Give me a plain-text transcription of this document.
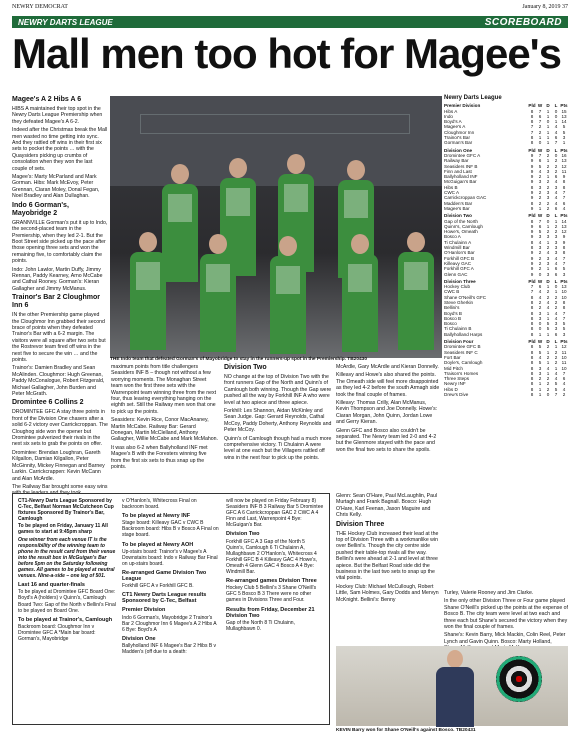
NEWRY DEMOCRAT	January 8, 2019 37
NEWRY DARTS LEAGUE	SCOREBOARD
Mall men too hot for Magee's
Magee's A 2 Hibs A 6

HIBS A maintained their top spot in the Newry Darts League Premiership when they defeated Magee's A 6-2.

Indeed after the Christmas break the Mall men wasted no time getting into sync. And they rattled off wins in their first six sets to pocket the points … with the Quaysiders picking up crumbs of consolation when they won the last couple of sets.

Magee's: Marty McParland and Mark Gorman. Hibs: Mark McEvoy, Peter Grennan, Ciaran Moley, Donal Fegan, Noel Bradley and Alan Dullaghan.

Indo 6 Gorman's, Mayobridge 2

GRANNVILLE Gorman's put it up to Indo, the second-placed team in the Premiership, when they led 2-1. But the Boot Street side picked up the pace after those opening three sets and won the remaining five, to comfortably claim the points.

Indo: John Lawlor, Martin Duffy, Jimmy Rennan, Paddy Kearney, Arno McCabe and Cathal Rooney. Gorman's: Kieran Gallagher and Jimmy McManus.

Trainor's Bar 2 Cloughmor Inn 6

IN the other Premiership game played the Cloughmor Inn grabbed their second brace of points when they defeated Trainor's Bar with a 6-2 margin. The visitors were all square after two sets but the Rostrevor team fired off wins in the next five to secure the win … and the points.

Trainor's: Damien Bradley and Sean McAlinden. Cloughmor: Hugh Greenan, Paddy McConalogue, Robert Fitzgerald, Michael Gallagher, John Burden and Peter McGrath.

Dromintee 6 Collins 2

DROMINTEE GFC A stay three points in front of the Division One chasers after a solid 6-2 victory over Carrickcroppan. The Cloughog side won the opener but Dromintee pulverized their rivals in the next six sets to grab the points on offer.

Dromintee: Brendan Loughran, Gareth Kilgallon, Damian Kilgallon, Peter McGinnity, Mickey Finnegan and Barney Larkin. Carrickcrappen: Kevin McCann and Alan McArdle.

The Railway Bar brought some easy wins with the leaders and they took

THE Indo team that defeated Gorman's of Mayobridge to stay in the runners-up spot in the Premiership. TB20430

maximum points from title challengers Seasiders INF B – though not without a few worrying moments. The Monaghan Street team won the first three sets with the Warrenpoint team winning three from the next four, thus leaving everything hanging on the eighth set. Still the Railway men won that one to pick up the points.

Seasiders: Kevin Rice, Conor MacAnaney, Martin McCabe. Railway Bar: Gerard Donegan, Martin McClelland, Anthony Gallagher, Willie McCabe and Mark McMahon.

It was also 6-2 when Ballyholland INF met Magee's B with the Foresters winning five from the first six sets to thus snap up the points.

Division Two

NO change at the top of Division Two with the front runners Gap of the North and Quinn's of Camlough both winning. Though the Gap were pushed all the way by Forkhill INF A who were level at two apiece and three apiece.

Forkhill: Les Shannon, Aidan McKinley and Sean Judge. Gap: Gerard Reynolds, Cathal McCoy, Paddy Doherty, Anthony Reynolds and Peter McCoy.

Quinn's of Camlough though had a much more comprehensive victory. Ti Chulainn A were level at one each but the Villagers rattled off wins in the next four to pick up the points.

McArdle, Gary McArdle and Kieran Donnelly.

Killeavy and Howe's also shared the points. The Omeath side will feel more disappointed as they led 4-2 before the south Armagh side took the final couple of frames.

Killeavy: Thomas Crilly, Alan McManus, Kevin Thompson and Joe Donnelly. Howe's: Ciaran Morgan, John Quinn, Jordan Lowe and Gerry Kieran.

Glenn GFC and Bosco also couldn't be separated. The Newry team led 2-0 and 4-2 but the Glenmore stayed with the pace and won the final two sets to share the spoils.

CT1-Newry Darts League Sponsored by C-Tec, Belfast Norman McCutcheon Cup fixtures Sponsored By Trainor's Bar, Camlough

To be played on Friday, January 11 All games to start at 9:45pm sharp

One winner from each venue IT is the responsibility of the winning team to phone in the result card from their venue into the result box in McGuigan's Bar before 5pm on the Saturday following games. All games to be played at neutral venues. Nine-a-side – one leg of 501.

Last 16 and quarter-finals

To be played at Dromintee GFC Board One: Boyd's A (holders) v Quinn's, Camlough Board Two: Gap of the North v Bellini's Final to be played on Board One.

To be played at Trainor's, Camlough

Backroom board: Cloughmor Inn v Dromintee GFC A *Main bar board: Gorman's, Mayobridge

v O'Hanlon's, Whitecross Final on backroom board.

To be played at Newry INF

Stage board: Killeavy GAC v CWC B Backroom board: Hibs B v Bosco A Final on stage board.

To be played at Newry AOH

Up-stairs board: Trainor's v Magee's A Downstairs board: Indo v Railway Bar Final on up-stairs board.

Re-arranged Game Division Two League

Forkhill GFC A v Forkhill GFC B.

CT1 Newry Darts League results Sponsored by C-Tec, Belfast
Premier Division

Indo 6 Gorman's, Mayobridge 2 Trainor's Bar 2 Cloughmor Inn 6 Magee's A 2 Hibs A 6 Bye: Boyd's A

Division One

Ballyholland INF 6 Magee's Bar 2 Hibs B v Madden's (off due to a death:

will now be played on Friday February 8) Seasiders INF B 3 Railway Bar 5 Dromintee GFC A 6 Carrickcroppan GAC 2 CWC A 4 Finn and Last, Warrenpoint 4 Bye: McGuigan's Bar.

Division Two

Forkhill GFC A 3 Gap of the North 5 Quinn's, Camlough 6 Ti Chulainn A, Mullaghbawn 2 O'Hanlon's, Whitecross 4 Forkhill GFC B 4 Killeavy GAC 4 Howe's, Omeath 4 Glenn GAC 4 Bosco A 4 Bye: Windmill Bar.

Re-arranged games Division Three

Hockey Club 5 Bellini's 3 Shane O'Neill's GFC 5 Bosco B 3 There were no other games in Divisions Three and Four.

Results from Friday, December 21 Division Two

Gap of the North 8 Ti Chulainn, Mullaghbawn 0.

Glenn: Sean O'Hare, Paul McLaughlin, Paul Murtagh and Frank Bagnall. Bosco: Hugh O'Hare, Karl Feenan, Jason Maguire and Chris Kelly.

Division Three

THE Hockey Club increased their lead at the top of Division Three with a workmanlike win over Bellini's. Though the city centre side pushed their table-top rivals all the way. Bellini's were ahead at 2-1 and level at three apiece. But the Belfast Road side did the business in the last two sets to snap up the vital points.

Hockey Club: Michael McCullough, Robert Little, Sam Holmes, Gary Dodds and Mervyn McKnight. Bellini's: Benny

Newry Darts League
Premier Division	Pld	W	D	L	Pts
Hibs A	8	7	1	0	15
Indo	8	6	1	0	13
Boyd's A	8	7	0	1	14
Magee's A	7	2	1	4	5
Cloughmor Inn	7	2	1	4	5
Trainor's Bar	8	1	1	6	3
Gorman's Bar	8	0	1	7	1
Division One	Pld	W	D	L	Pts
Dromintee GFC A	9	7	2	0	16
Railway Bar	9	6	1	2	13
Seasiders INF B	9	5	2	2	12
Finn and Last	9	4	3	2	11
Ballyholland INF	9	2	1	6	9
McGuigan's Bar	9	3	2	4	8
Hibs B	8	3	2	3	8
CWC A	9	2	3	4	7
Carrickcroppan GAC	9	2	3	4	7
Madden's Bar	8	2	2	4	6
Magee's Bar	9	1	2	6	4
Division Two	Pld	W	D	L	Pts
Gap of the North	8	7	0	1	14
Quinn's, Camlough	9	6	1	2	13
Howe's, Omeath	9	5	2	2	12
Bosco A	9	3	3	3	9
Ti Chulainn A	8	4	1	3	9
Windmill Bar	8	3	2	3	8
O'Hanlon's Bar	9	2	4	3	8
Forkhill GFC B	9	2	3	4	7
Killeavy GAC	9	2	3	4	7
Forkhill GFC A	9	2	1	6	5
Glenn GAC	9	0	3	6	3
Division Three	Pld	W	D	L	Pts
Hockey Club	7	6	1	0	13
CWC B	7	4	2	1	10
Shane O'Neill's GFC	8	4	2	2	10
Steve Gherkin	8	2	4	2	8
Bellini's	8	2	4	2	8
Boyd's B	8	3	1	4	7
Bosco B	8	3	1	4	7
Bosco	8	0	5	3	5
Ti Chulainn B	8	0	5	3	5
Ballyholland Harps	8	1	1	6	3
Division Four	Pld	W	D	L	Pts
Dromintee GFC B	8	5	2	1	12
Seasiders INF C	8	5	1	2	11
Fort Bar	8	4	2	2	10
Doyle's, Camlough	8	5	1	2	11
Mid Pitch	8	3	4	1	10
Traison's Homes	8	3	1	4	7
Three Steps	8	2	2	4	6
Newry INF	8	1	2	5	4
Hibs D	8	1	2	5	4
Drew's Dive	8	1	0	7	2

Turley, Valerie Rooney and Jim Clarke.

In the only other Division Three or Four game played Shane O'Neill's picked up the points at the expense of Bosco B. The city team were level at two each and three each but Shane's secured the victory when they won the final couple of frames.

Shane's: Kevin Barry, Mick Mackin, Colin Reel, Peter Lynch and Gavin Quinn. Bosco: Marty Holland,

KEVIN Barry won for Shane O'Neill's against Bosco. TB20431
